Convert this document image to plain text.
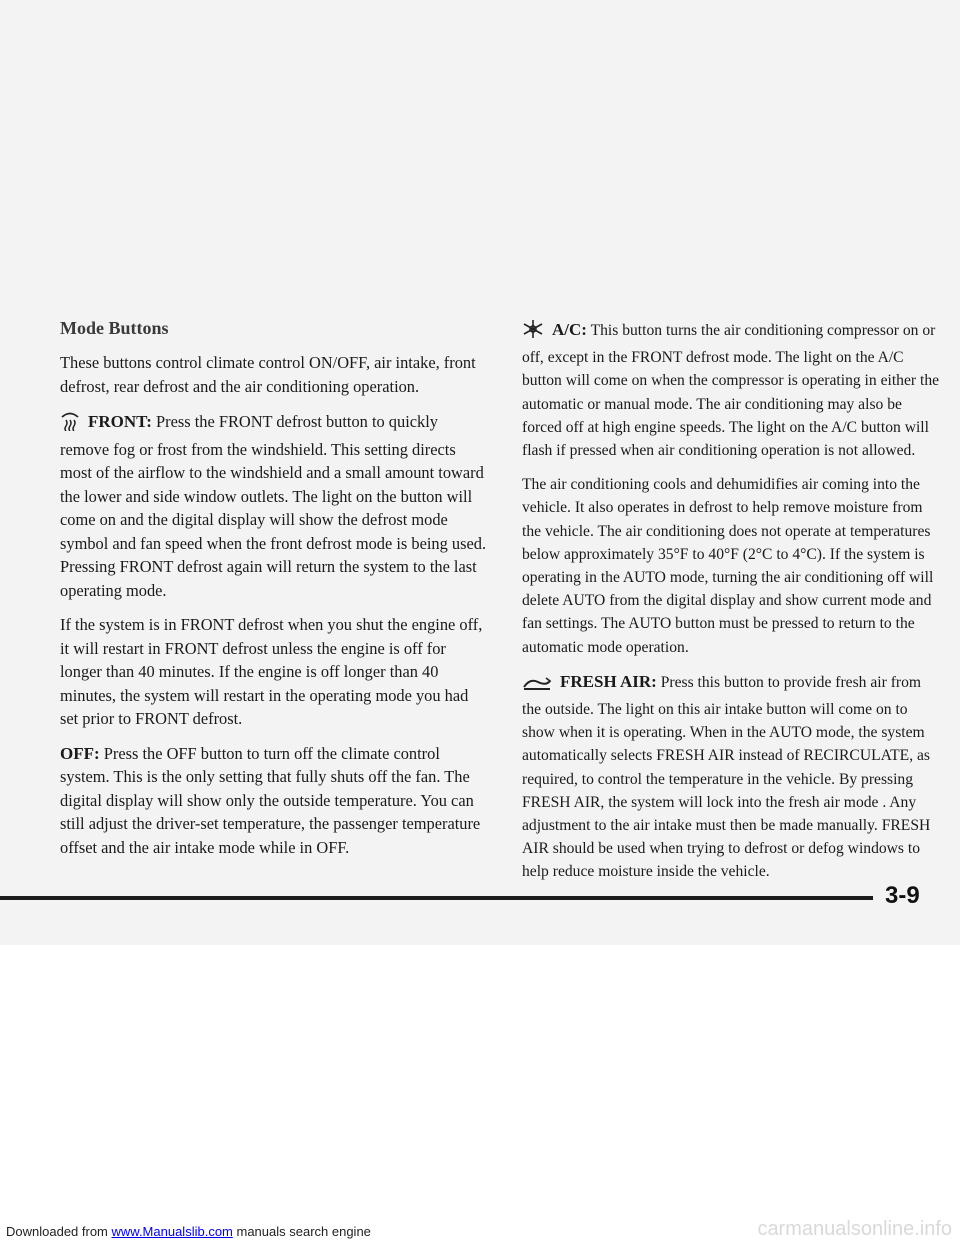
Mode Buttons

These buttons control climate control ON/OFF, air intake, front defrost, rear defrost and the air conditioning operation.

FRONT: Press the FRONT defrost button to quickly remove fog or frost from the windshield. This setting directs most of the airflow to the windshield and a small amount toward the lower and side window outlets. The light on the button will come on and the digital display will show the defrost mode symbol and fan speed when the front defrost mode is being used. Pressing FRONT defrost again will return the system to the last operating mode.

If the system is in FRONT defrost when you shut the engine off, it will restart in FRONT defrost unless the engine is off for longer than 40 minutes. If the engine is off longer than 40 minutes, the system will restart in the operating mode you had set prior to FRONT defrost.

OFF: Press the OFF button to turn off the climate control system. This is the only setting that fully shuts off the fan. The digital display will show only the outside temperature. You can still adjust the driver-set temperature, the passenger temperature offset and the air intake mode while in OFF.

A/C: This button turns the air conditioning compressor on or off, except in the FRONT defrost mode. The light on the A/C button will come on when the compressor is operating in either the automatic or manual mode. The air conditioning may also be forced off at high engine speeds. The light on the A/C button will flash if pressed when air conditioning operation is not allowed.

The air conditioning cools and dehumidifies air coming into the vehicle. It also operates in defrost to help remove moisture from the vehicle. The air conditioning does not operate at temperatures below approximately 35°F to 40°F (2°C to 4°C). If the system is operating in the AUTO mode, turning the air conditioning off will delete AUTO from the digital display and show current mode and fan settings. The AUTO button must be pressed to return to the automatic mode operation.

FRESH AIR: Press this button to provide fresh air from the outside. The light on this air intake button will come on to show when it is operating. When in the AUTO mode, the system automatically selects FRESH AIR instead of RECIRCULATE, as required, to control the temperature in the vehicle. By pressing FRESH AIR, the system will lock into the fresh air mode . Any adjustment to the air intake must then be made manually. FRESH AIR should be used when trying to defrost or defog windows to help reduce moisture inside the vehicle.

3-9
Downloaded from www.Manualslib.com manuals search engine	carmanualsonline.info
